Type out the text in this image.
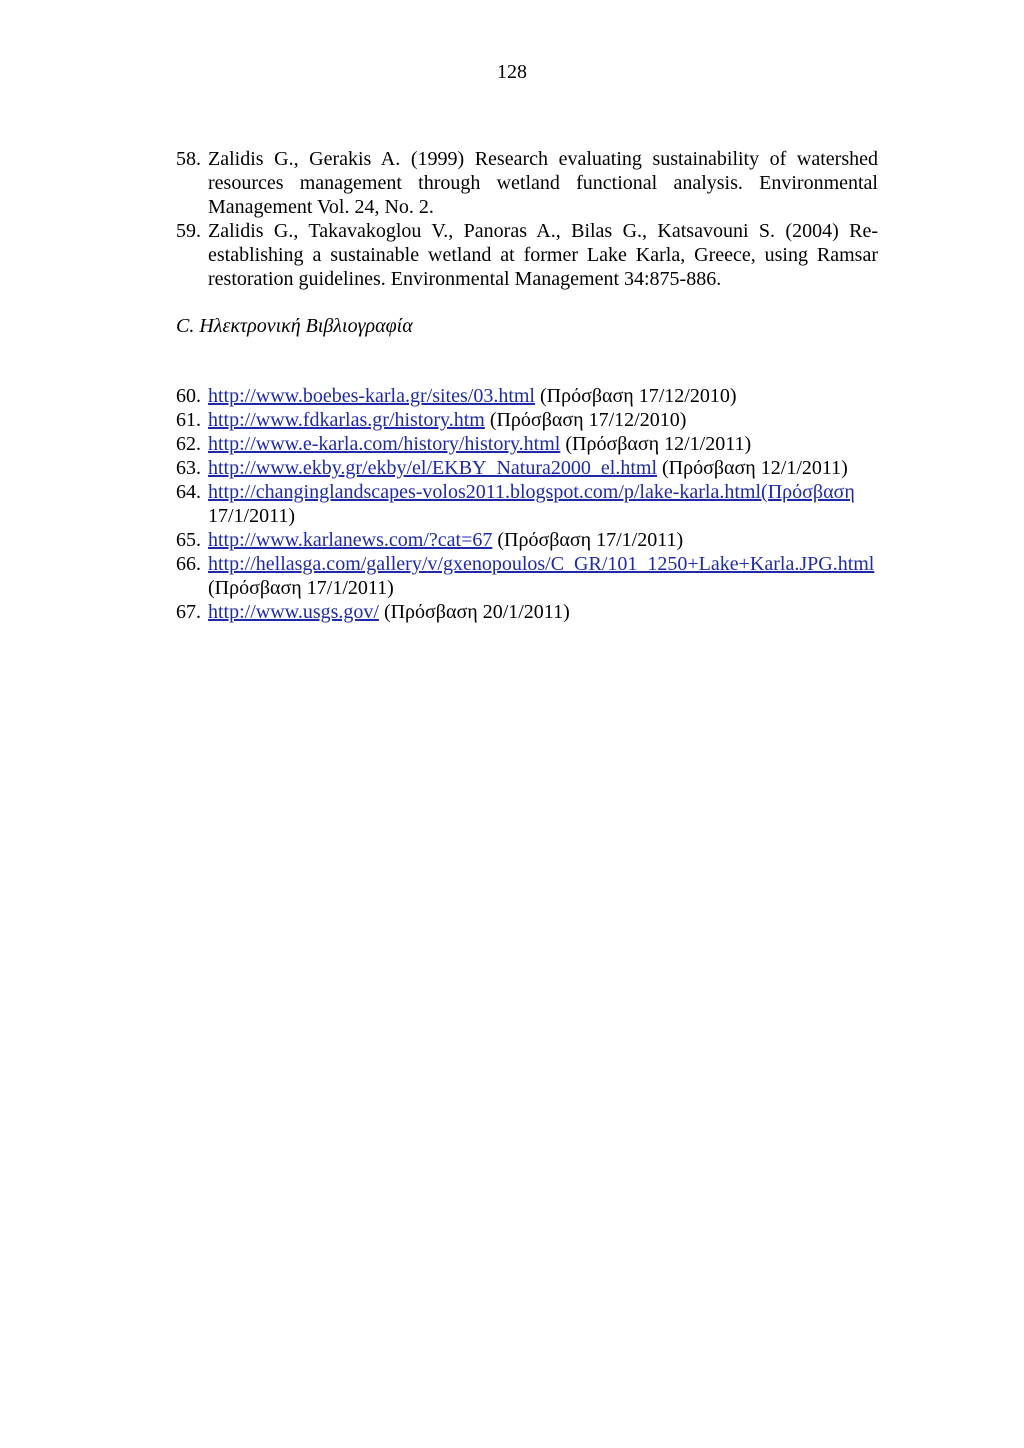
128
58. Zalidis G., Gerakis A. (1999) Research evaluating sustainability of watershed resources management through wetland functional analysis. Environmental Management Vol. 24, No. 2.
59. Zalidis G., Takavakoglou V., Panoras A., Bilas G., Katsavouni S. (2004) Re-establishing a sustainable wetland at former Lake Karla, Greece, using Ramsar restoration guidelines. Environmental Management 34:875-886.
C. Ηλεκτρονική Βιβλιογραφία
60. http://www.boebes-karla.gr/sites/03.html (Πρόσβαση 17/12/2010)
61. http://www.fdkarlas.gr/history.htm (Πρόσβαση 17/12/2010)
62. http://www.e-karla.com/history/history.html (Πρόσβαση 12/1/2011)
63. http://www.ekby.gr/ekby/el/EKBY_Natura2000_el.html (Πρόσβαση 12/1/2011)
64. http://changinglandscapes-volos2011.blogspot.com/p/lake-karla.html(Πρόσβαση 17/1/2011)
65. http://www.karlanews.com/?cat=67 (Πρόσβαση 17/1/2011)
66. http://hellasga.com/gallery/v/gxenopoulos/C_GR/101_1250+Lake+Karla.JPG.html (Πρόσβαση 17/1/2011)
67. http://www.usgs.gov/ (Πρόσβαση 20/1/2011)
